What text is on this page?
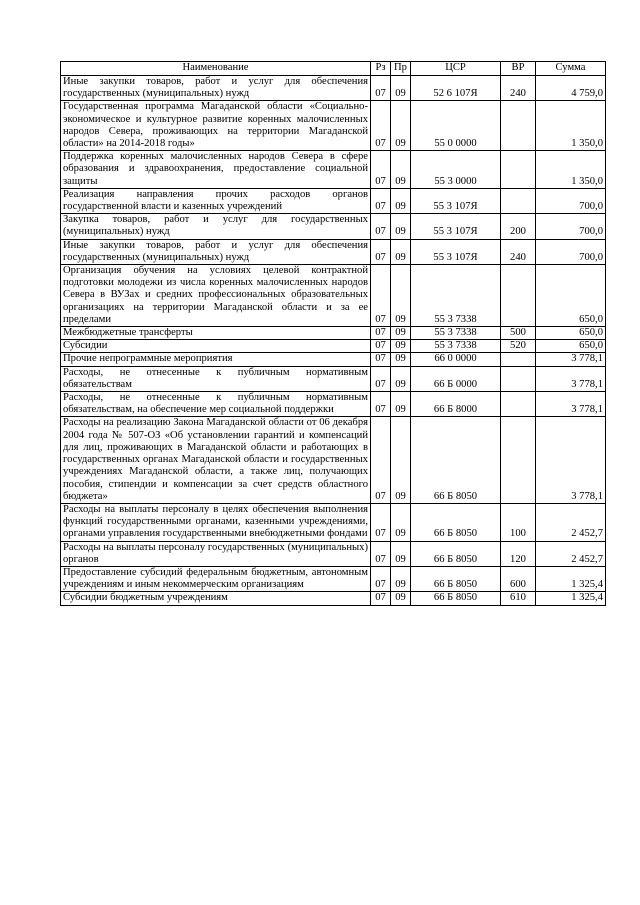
Наименование	Рз	Пр	ЦСР	ВР	Сумма
Иные закупки товаров, работ и услуг для обеспечения государственных (муниципальных) нужд	07	09	52 6 107Я	240	4 759,0
Государственная программа Магаданской области «Социально-экономическое и культурное развитие коренных малочисленных народов Севера, проживающих на территории Магаданской области» на 2014-2018 годы»	07	09	55 0 0000		1 350,0
Поддержка коренных малочисленных народов Севера в сфере образования и здравоохранения, предоставление социальной защиты	07	09	55 3 0000		1 350,0
Реализация направления прочих расходов органов государственной власти и казенных учреждений	07	09	55 3 107Я		700,0
Закупка товаров, работ и услуг для государственных (муниципальных) нужд	07	09	55 3 107Я	200	700,0
Иные закупки товаров, работ и услуг для обеспечения государственных (муниципальных) нужд	07	09	55 3 107Я	240	700,0
Организация обучения на условиях целевой контрактной подготовки молодежи из числа коренных малочисленных народов Севера в ВУЗах и средних профессиональных образовательных организациях на территории Магаданской области и за ее пределами	07	09	55 3 7338		650,0
Межбюджетные трансферты	07	09	55 3 7338	500	650,0
Субсидии	07	09	55 3 7338	520	650,0
Прочие непрограммные мероприятия	07	09	66 0 0000		3 778,1
Расходы, не отнесенные к публичным нормативным обязательствам	07	09	66 Б 0000		3 778,1
Расходы, не отнесенные к публичным нормативным обязательствам, на обеспечение мер социальной поддержки	07	09	66 Б 8000		3 778,1
Расходы на реализацию Закона Магаданской области от 06 декабря 2004 года № 507-ОЗ «Об установлении гарантий и компенсаций для лиц, проживающих в Магаданской области и работающих в государственных органах Магаданской области и государственных учреждениях Магаданской области, а также лиц, получающих пособия, стипендии и компенсации за счет средств областного бюджета»	07	09	66 Б 8050		3 778,1
Расходы на выплаты персоналу в целях обеспечения выполнения функций государственными органами, казенными учреждениями, органами управления государственными внебюджетными фондами	07	09	66 Б 8050	100	2 452,7
Расходы на выплаты персоналу государственных (муниципальных) органов	07	09	66 Б 8050	120	2 452,7
Предоставление субсидий федеральным бюджетным, автономным учреждениям и иным некоммерческим организациям	07	09	66 Б 8050	600	1 325,4
Субсидии бюджетным учреждениям	07	09	66 Б 8050	610	1 325,4
